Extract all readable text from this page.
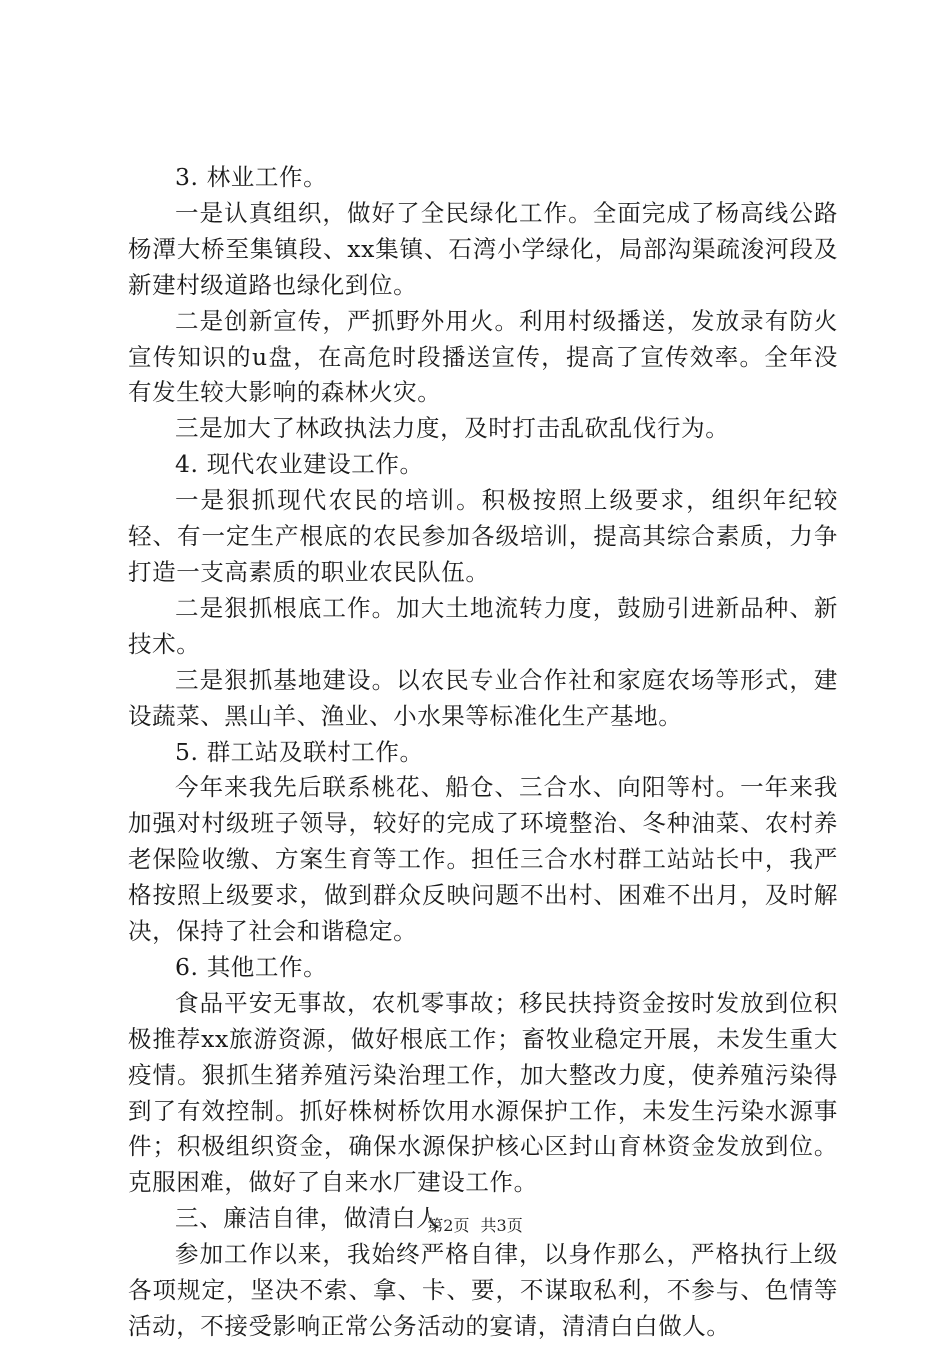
3. 林业工作。

一是认真组织，做好了全民绿化工作。全面完成了杨高线公路杨潭大桥至集镇段、xx集镇、石湾小学绿化，局部沟渠疏浚河段及新建村级道路也绿化到位。

二是创新宣传，严抓野外用火。利用村级播送，发放录有防火宣传知识的u盘，在高危时段播送宣传，提高了宣传效率。全年没有发生较大影响的森林火灾。

三是加大了林政执法力度，及时打击乱砍乱伐行为。

4. 现代农业建设工作。

一是狠抓现代农民的培训。积极按照上级要求，组织年纪较轻、有一定生产根底的农民参加各级培训，提高其综合素质，力争打造一支高素质的职业农民队伍。

二是狠抓根底工作。加大土地流转力度，鼓励引进新品种、新技术。

三是狠抓基地建设。以农民专业合作社和家庭农场等形式，建设蔬菜、黑山羊、渔业、小水果等标准化生产基地。

5. 群工站及联村工作。

今年来我先后联系桃花、船仓、三合水、向阳等村。一年来我加强对村级班子领导，较好的完成了环境整治、冬种油菜、农村养老保险收缴、方案生育等工作。担任三合水村群工站站长中，我严格按照上级要求，做到群众反映问题不出村、困难不出月，及时解决，保持了社会和谐稳定。

6. 其他工作。

食品平安无事故，农机零事故；移民扶持资金按时发放到位积极推荐xx旅游资源，做好根底工作；畜牧业稳定开展，未发生重大疫情。狠抓生猪养殖污染治理工作，加大整改力度，使养殖污染得到了有效控制。抓好株树桥饮用水源保护工作，未发生污染水源事件；积极组织资金，确保水源保护核心区封山育林资金发放到位。克服困难，做好了自来水厂建设工作。

三、廉洁自律，做清白人

参加工作以来，我始终严格自律，以身作那么，严格执行上级各项规定，坚决不索、拿、卡、要，不谋取私利，不参与、色情等活动，不接受影响正常公务活动的宴请，清清白白做人。

第2页 共3页
